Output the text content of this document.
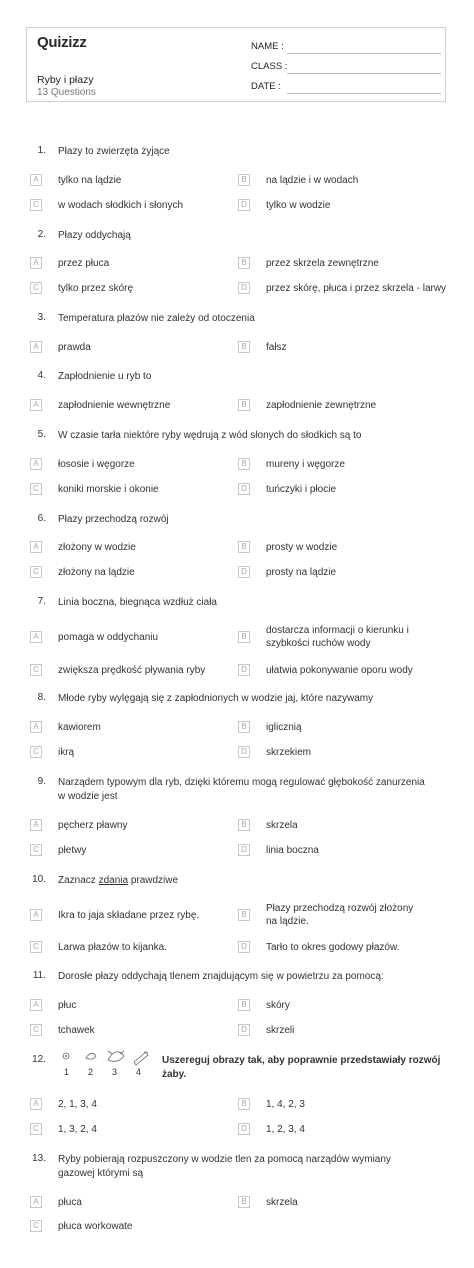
Quizizz
Ryby i płazy
13 Questions
NAME :
CLASS :
DATE :
1. Płazy to zwierzęta żyjące
A	tylko na lądzie	B	na lądzie i w wodach
C	w wodach słodkich i słonych	D	tylko w wodzie
2. Płazy oddychają
A	przez płuca	B	przez skrzela zewnętrzne
C	tylko przez skórę	D	przez skórę, płuca i przez skrzela - larwy
3. Temperatura płazów nie zależy od otoczenia
A	prawda	B	fałsz
4. Zapłodnienie u ryb to
A	zapłodnienie wewnętrzne	B	zapłodnienie zewnętrzne
5. W czasie tarła niektóre ryby wędrują z wód słonych do słodkich są to
A	łososie i węgorze	B	mureny i węgorze
C	koniki morskie i okonie	D	tuńczyki i płocie
6. Płazy przechodzą rozwój
A	złożony w wodzie	B	prosty w wodzie
C	złożony na lądzie	D	prosty na lądzie
7. Linia boczna, biegnąca wzdłuż ciała
A	pomaga w oddychaniu	B
dostarcza informacji o kierunku i szybkości ruchów wody
C	zwiększa prędkość pływania ryby	D	ułatwia pokonywanie oporu wody
8. Młode ryby wylęgają się z zapłodnionych w wodzie jaj, które nazywamy
A	kawiorem	B	iglicznią
C	ikrą	D	skrzekiem
9. Narządem typowym dla ryb, dzięki któremu mogą regulować głębokość zanurzenia w wodzie jest
A	pęcherz pławny	B	skrzela
C	płetwy	D	linia boczna
10. Zaznacz zdania prawdziwe
A	Ikra to jaja składane przez rybę.	B
Płazy przechodzą rozwój złożony na lądzie.
C	Larwa płazów to kijanka.	D	Tarło to okres godowy płazów.
11. Dorosłe płazy oddychają tlenem znajdującym się w powietrzu za pomocą:
A	płuc	B	skóry
C	tchawek	D	skrzeli
12.
1 2 3 4
Uszereguj obrazy tak, aby poprawnie przedstawiały rozwój żaby.
A	2, 1, 3, 4	B	1, 4, 2, 3
C	1, 3, 2, 4	D	1, 2, 3, 4
13. Ryby pobierają rozpuszczony w wodzie tlen za pomocą narządów wymiany gazowej którymi są
A	płuca	B	skrzela
C	płuca workowate
